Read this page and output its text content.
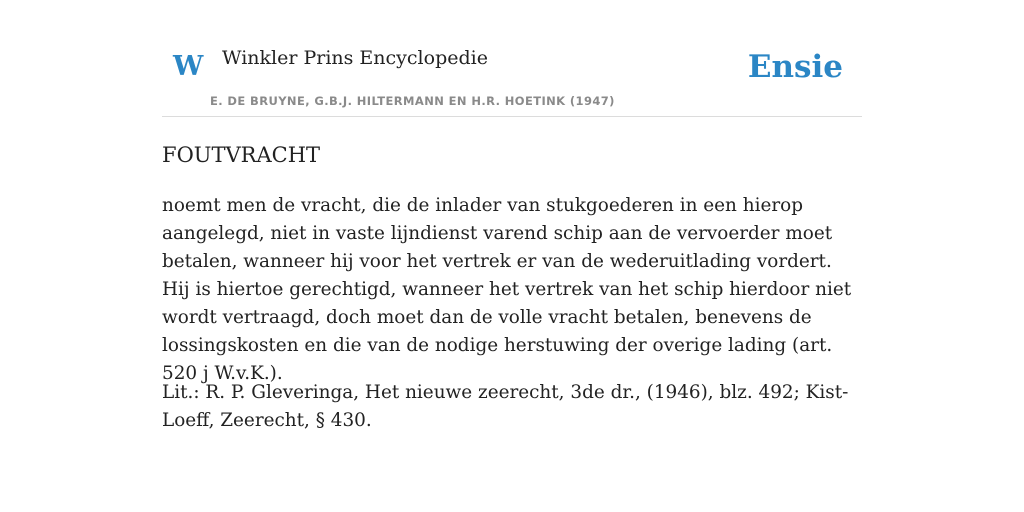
W Winkler Prins Encyclopedie
E. DE BRUYNE, G.B.J. HILTERMANN EN H.R. HOETINK (1947)
Ensie
FOUTVRACHT

noemt men de vracht, die de inlader van stukgoederen in een hierop aangelegd, niet in vaste lijndienst varend schip aan de vervoerder moet betalen, wanneer hij voor het vertrek er van de wederuitlading vordert. Hij is hiertoe gerechtigd, wanneer het vertrek van het schip hierdoor niet wordt vertraagd, doch moet dan de volle vracht betalen, benevens de lossingskosten en die van de nodige herstuwing der overige lading (art. 520 j W.v.K.).

Lit.: R. P. Gleveringa, Het nieuwe zeerecht, 3de dr., (1946), blz. 492; Kist-Loeff, Zeerecht, § 430.
